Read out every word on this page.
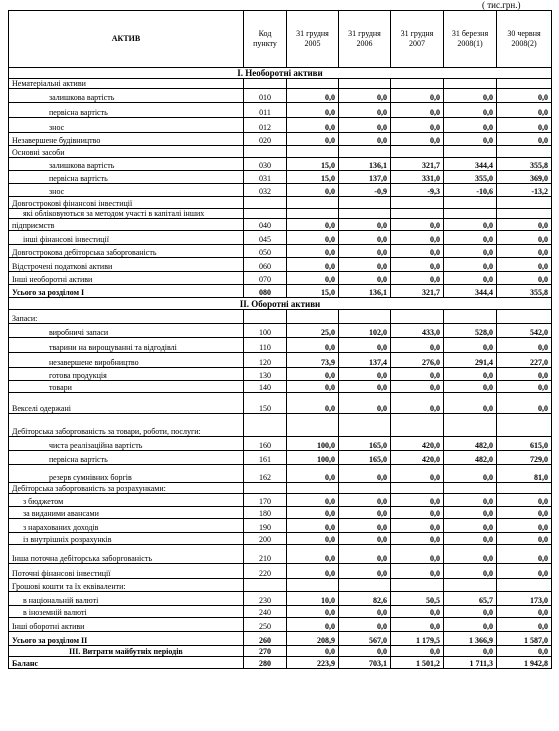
( тис.грн.)
АКТИВ	Код пункту	31 грудня 2005	31 грудня 2006	31 грудня 2007	31 березня 2008(1)	30 червня 2008(2)
І. Необоротні активи						
Нематеріальні активи						
залишкова вартість	010	0,0	0,0	0,0	0,0	0,0
первісна вартість	011	0,0	0,0	0,0	0,0	0,0
знос	012	0,0	0,0	0,0	0,0	0,0
Незавершене будівництво	020	0,0	0,0	0,0	0,0	0,0
Основні засоби						
залишкова вартість	030	15,0	136,1	321,7	344,4	355,8
первісна вартість	031	15,0	137,0	331,0	355,0	369,0
знос	032	0,0	-0,9	-9,3	-10,6	-13,2
Довгострокові фінансові інвестиції						
які обліковуються за методом участі в капіталі інших						
підприємств	040	0,0	0,0	0,0	0,0	0,0
інші фінансові інвестиції	045	0,0	0,0	0,0	0,0	0,0
Довгострокова дебіторська заборгованість	050	0,0	0,0	0,0	0,0	0,0
Відстрочені податкові активи	060	0,0	0,0	0,0	0,0	0,0
Інші необоротні активи	070	0,0	0,0	0,0	0,0	0,0
Усього за розділом І	080	15,0	136,1	321,7	344,4	355,8
ІІ. Оборотні активи						
Запаси:						
виробничі запаси	100	25,0	102,0	433,0	528,0	542,0
тварини на вирощуванні та відгодівлі	110	0,0	0,0	0,0	0,0	0,0
незавершене виробництво	120	73,9	137,4	276,0	291,4	227,0
готова продукція	130	0,0	0,0	0,0	0,0	0,0
товари	140	0,0	0,0	0,0	0,0	0,0
Векселі одержані	150	0,0	0,0	0,0	0,0	0,0
Дебіторська заборгованість за товари, роботи, послуги:						
чиста реалізаційна вартість	160	100,0	165,0	420,0	482,0	615,0
первісна вартість	161	100,0	165,0	420,0	482,0	729,0
резерв сумнівних боргів	162	0,0	0,0	0,0	0,0	81,0
Дебіторська заборгованість за розрахунками:						
з бюджетом	170	0,0	0,0	0,0	0,0	0,0
за виданими авансами	180	0,0	0,0	0,0	0,0	0,0
з нарахованих доходів	190	0,0	0,0	0,0	0,0	0,0
із внутрішніх розрахунків	200	0,0	0,0	0,0	0,0	0,0
Інша поточна дебіторська заборгованість	210	0,0	0,0	0,0	0,0	0,0
Поточні фінансові інвестиції	220	0,0	0,0	0,0	0,0	0,0
Грошові кошти та їх еквіваленти:						
в національній валюті	230	10,0	82,6	50,5	65,7	173,0
в іноземній валюті	240	0,0	0,0	0,0	0,0	0,0
Інші оборотні активи	250	0,0	0,0	0,0	0,0	0,0
Усього за розділом ІІ	260	208,9	567,0	1 179,5	1 366,9	1 587,0
ІІІ. Витрати майбутніх періодів	270	0,0	0,0	0,0	0,0	0,0
Баланс	280	223,9	703,1	1 501,2	1 711,3	1 942,8
